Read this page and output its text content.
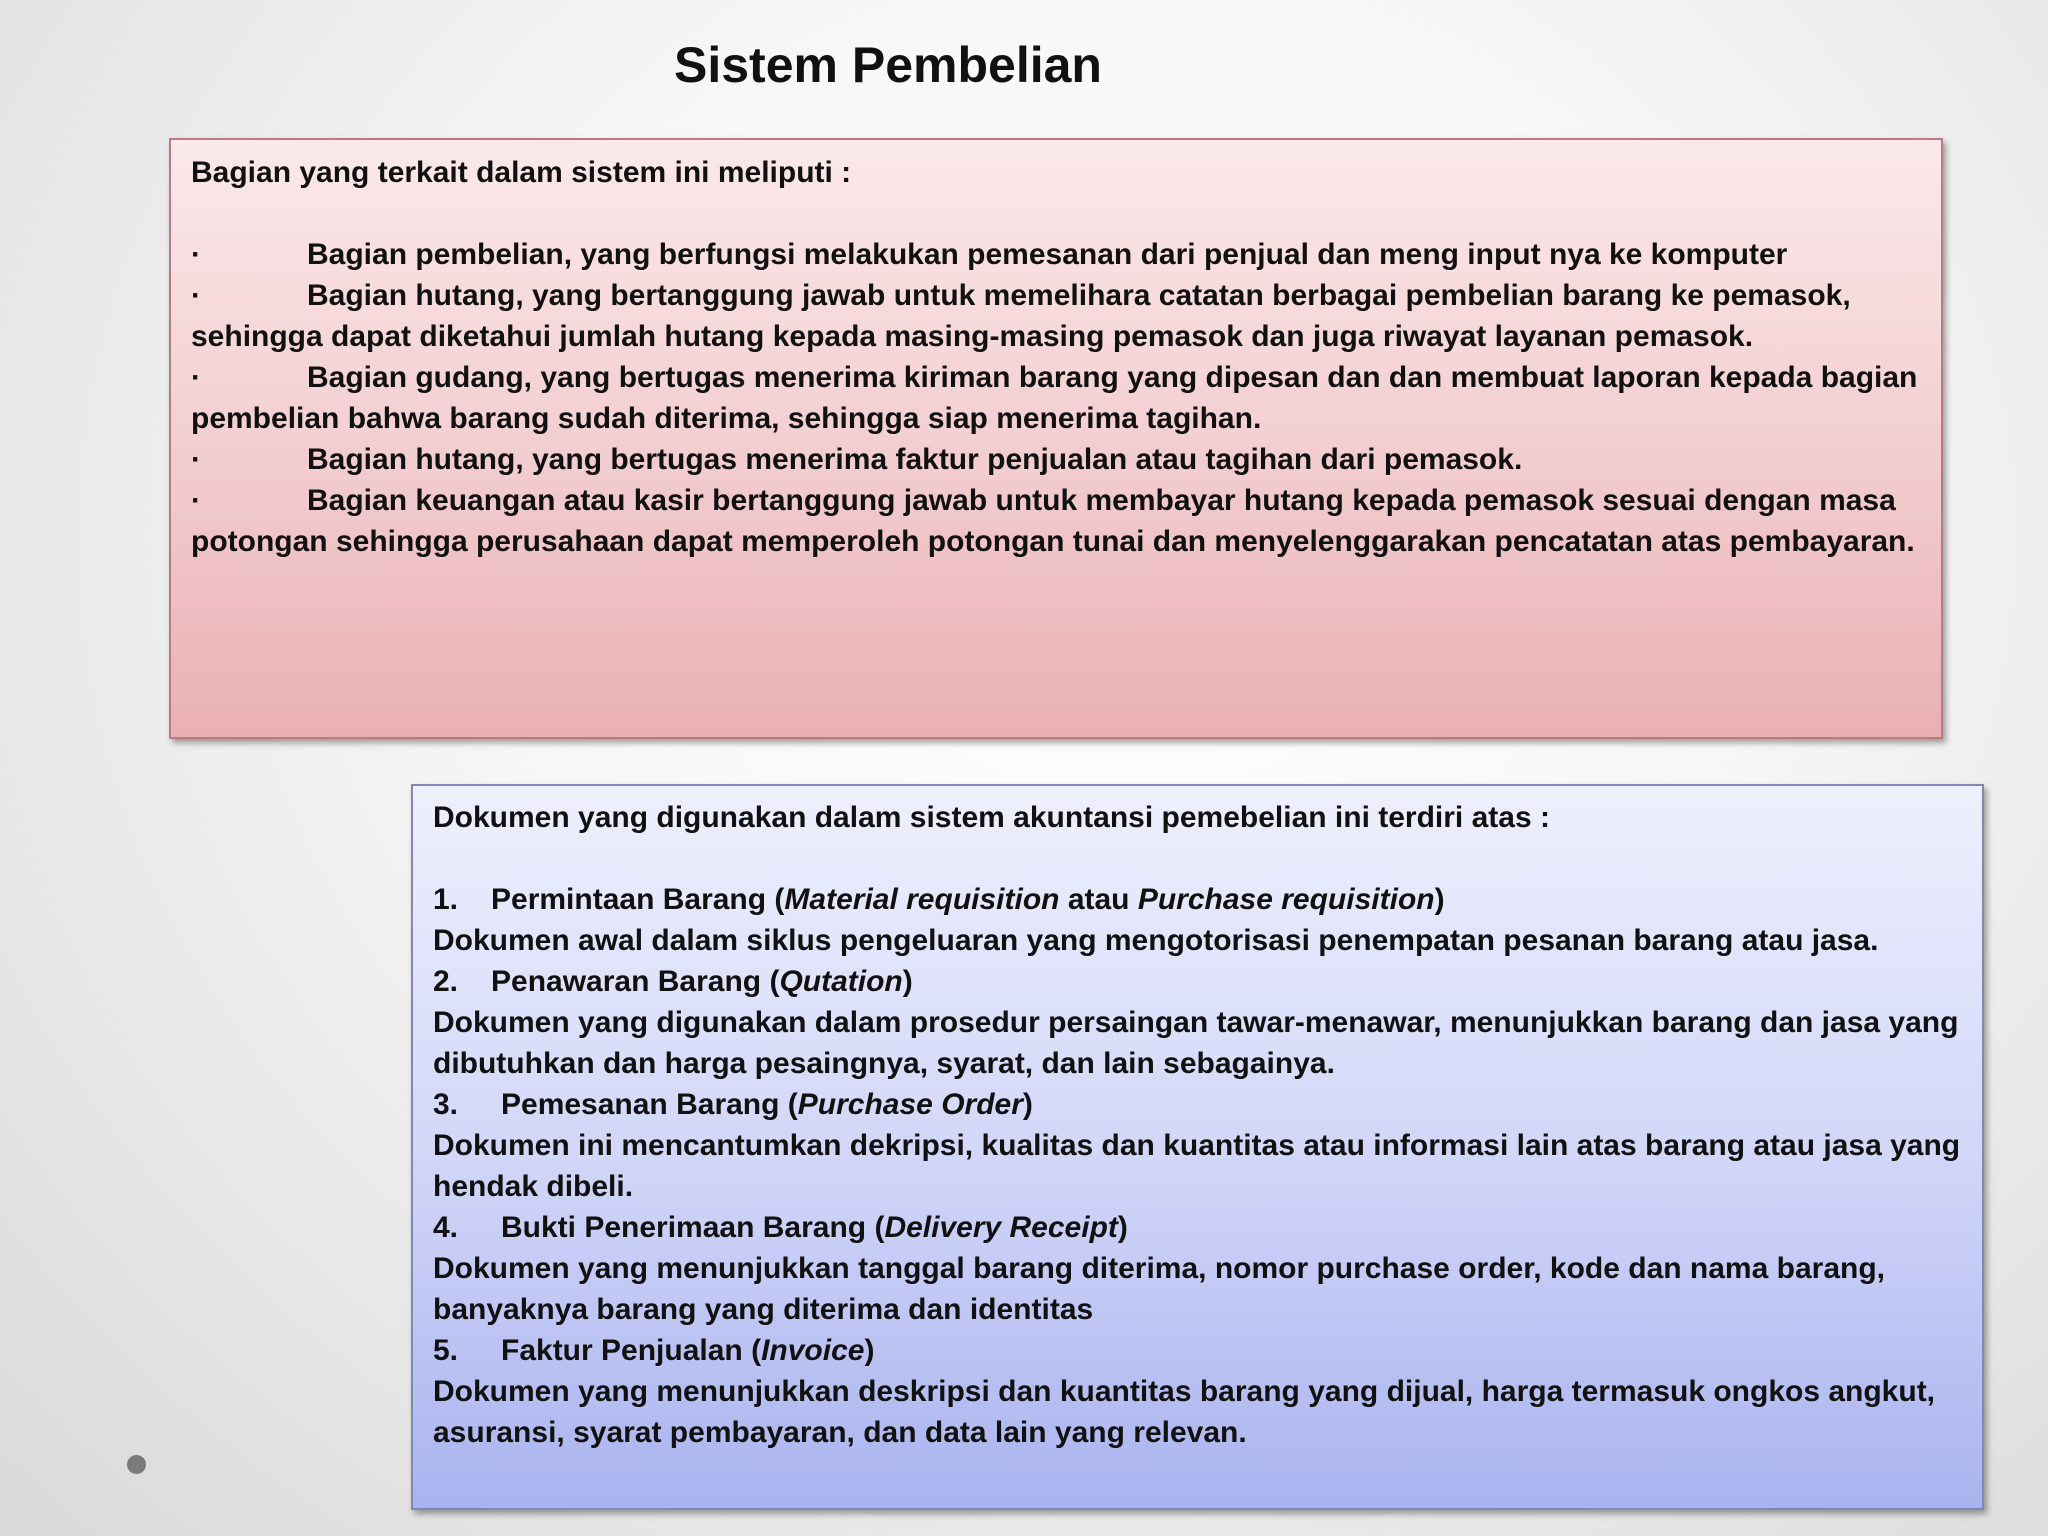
Sistem Pembelian

Bagian yang terkait dalam sistem ini meliputi :

·	Bagian pembelian, yang berfungsi melakukan pemesanan dari penjual dan meng input nya ke komputer

·	Bagian hutang, yang bertanggung jawab untuk memelihara catatan berbagai pembelian barang ke pemasok, sehingga dapat diketahui jumlah hutang kepada masing-masing pemasok dan juga riwayat layanan pemasok.

·	Bagian gudang, yang bertugas menerima kiriman barang yang dipesan dan dan membuat laporan kepada bagian pembelian bahwa barang sudah diterima, sehingga siap menerima tagihan.

·	Bagian hutang, yang bertugas menerima faktur penjualan atau tagihan dari pemasok.

·	Bagian keuangan atau kasir bertanggung jawab untuk membayar hutang kepada pemasok sesuai dengan masa potongan sehingga perusahaan dapat memperoleh potongan tunai dan menyelenggarakan pencatatan atas pembayaran.

Dokumen yang digunakan dalam sistem akuntansi pemebelian ini terdiri atas :

1. Permintaan Barang (Material requisition atau Purchase requisition)

Dokumen awal dalam siklus pengeluaran yang mengotorisasi penempatan pesanan barang atau jasa.

2. Penawaran Barang (Qutation)

Dokumen yang digunakan dalam prosedur persaingan tawar-menawar, menunjukkan barang dan jasa yang dibutuhkan dan harga pesaingnya, syarat, dan lain sebagainya.

3. Pemesanan Barang (Purchase Order)

Dokumen ini mencantumkan dekripsi, kualitas dan kuantitas atau informasi lain atas barang atau jasa yang hendak dibeli.

4. Bukti Penerimaan Barang (Delivery Receipt)

Dokumen yang menunjukkan tanggal barang diterima, nomor purchase order, kode dan nama barang, banyaknya barang yang diterima dan identitas

5. Faktur Penjualan (Invoice)

Dokumen yang menunjukkan deskripsi dan kuantitas barang yang dijual, harga termasuk ongkos angkut, asuransi, syarat pembayaran, dan data lain yang relevan.
